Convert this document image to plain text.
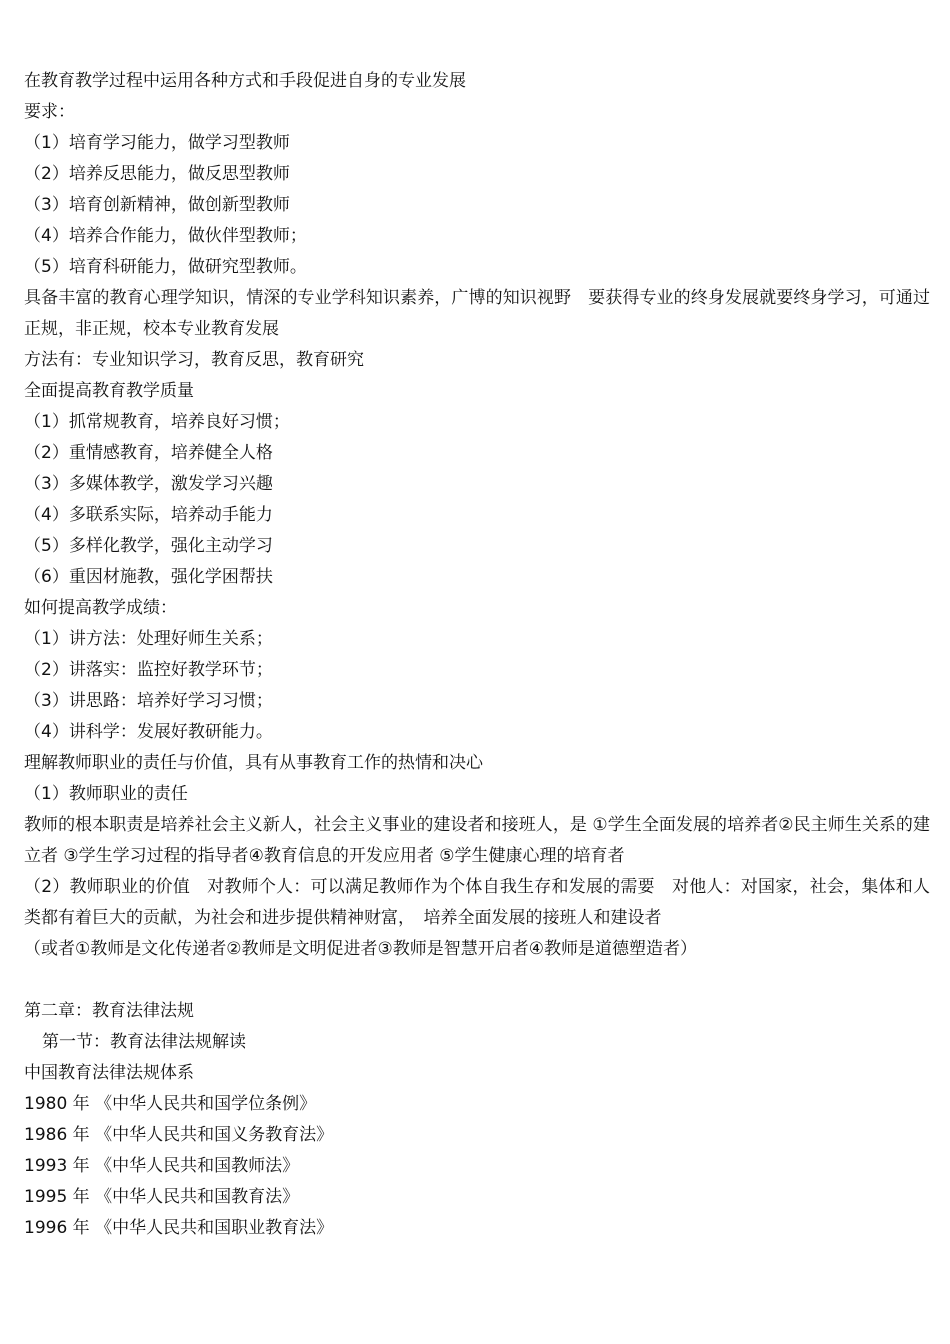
在教育教学过程中运用各种方式和手段促进自身的专业发展
要求：
（1）培育学习能力，做学习型教师
（2）培养反思能力，做反思型教师
（3）培育创新精神，做创新型教师
（4）培养合作能力，做伙伴型教师；
（5）培育科研能力，做研究型教师。
具备丰富的教育心理学知识，情深的专业学科知识素养，广博的知识视野　要获得专业的终身发展就要终身学习，可通过正规，非正规，校本专业教育发展
方法有：专业知识学习，教育反思，教育研究
全面提高教育教学质量
（1）抓常规教育，培养良好习惯；
（2）重情感教育，培养健全人格
（3）多媒体教学，激发学习兴趣
（4）多联系实际，培养动手能力
（5）多样化教学，强化主动学习
（6）重因材施教，强化学困帮扶
如何提高教学成绩：
（1）讲方法：处理好师生关系；
（2）讲落实：监控好教学环节；
（3）讲思路：培养好学习习惯；
（4）讲科学：发展好教研能力。
理解教师职业的责任与价值，具有从事教育工作的热情和决心
（1）教师职业的责任
教师的根本职责是培养社会主义新人，社会主义事业的建设者和接班人，是 ①学生全面发展的培养者②民主师生关系的建立者 ③学生学习过程的指导者④教育信息的开发应用者 ⑤学生健康心理的培育者
（2）教师职业的价值　对教师个人：可以满足教师作为个体自我生存和发展的需要　对他人：对国家，社会，集体和人类都有着巨大的贡献，为社会和进步提供精神财富，　培养全面发展的接班人和建设者
（或者①教师是文化传递者②教师是文明促进者③教师是智慧开启者④教师是道德塑造者）
第二章：教育法律法规
第一节：教育法律法规解读
中国教育法律法规体系
1980 年 《中华人民共和国学位条例》
1986 年 《中华人民共和国义务教育法》
1993 年 《中华人民共和国教师法》
1995 年 《中华人民共和国教育法》
1996 年 《中华人民共和国职业教育法》
